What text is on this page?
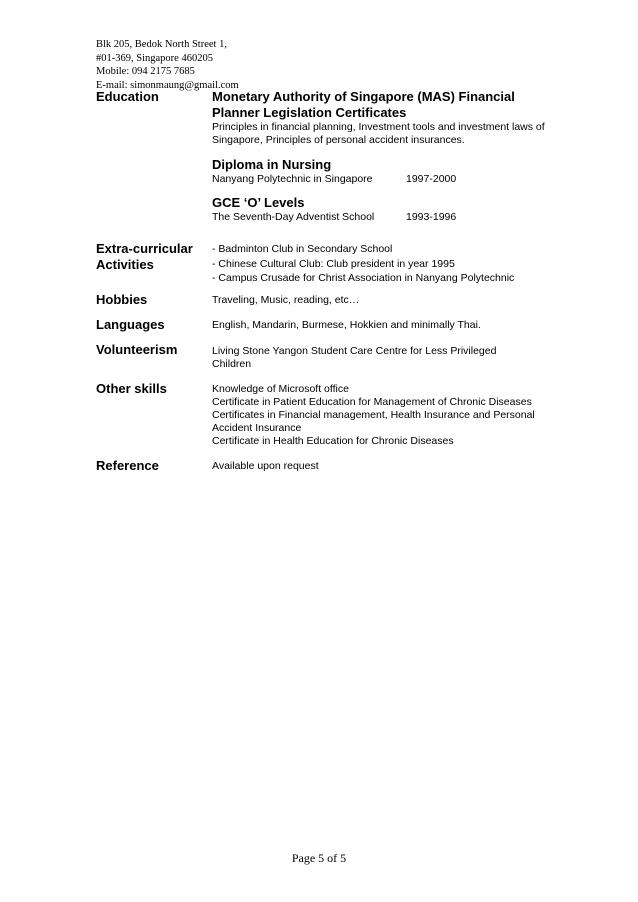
Blk 205, Bedok North Street 1,
#01-369, Singapore 460205
Mobile: 094 2175 7685
E-mail: simonmaung@gmail.com
Education	Monetary Authority of Singapore (MAS) Financial Planner Legislation Certificates
Principles in financial planning, Investment tools and investment laws of Singapore, Principles of personal accident insurances.
Diploma in Nursing
Nanyang Polytechnic in Singapore	1997-2000
GCE ‘O’ Levels
The Seventh-Day Adventist School	1993-1996
Extra-curricular
Activities
- Badminton Club in Secondary School
- Chinese Cultural Club: Club president in year 1995
- Campus Crusade for Christ Association in Nanyang Polytechnic
Hobbies	Traveling, Music, reading, etc…
Languages	English, Mandarin, Burmese, Hokkien and minimally Thai.
Volunteerism	Living Stone Yangon Student Care Centre for Less Privileged Children
Other skills	Knowledge of Microsoft office
Certificate in Patient Education for Management of Chronic Diseases
Certificates in Financial management, Health Insurance and Personal Accident Insurance
Certificate in Health Education for Chronic Diseases
Reference	Available upon request
Page 5 of 5
